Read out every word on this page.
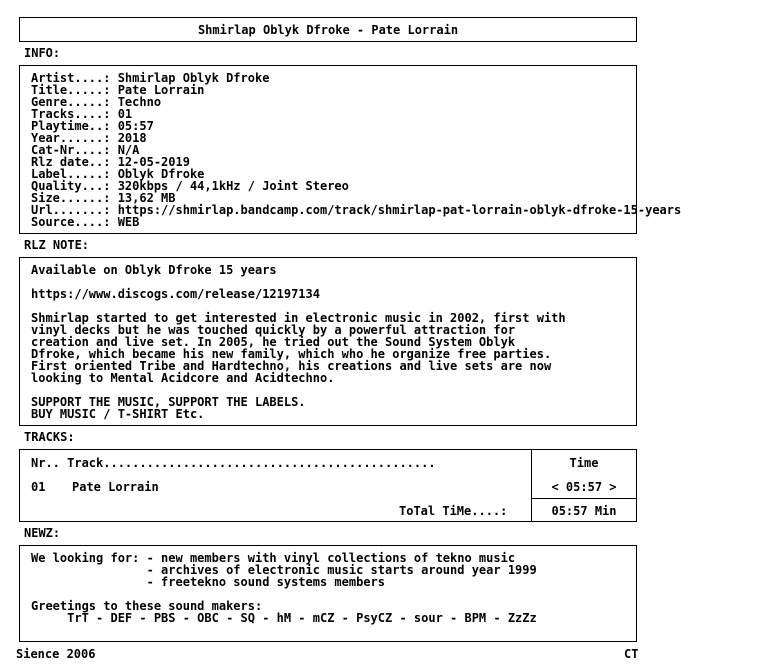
Shmirlap Oblyk Dfroke - Pate Lorrain
INFO:
Artist....: Shmirlap Oblyk Dfroke
Title.....: Pate Lorrain
Genre.....: Techno
Tracks....: 01
Playtime..: 05:57
Year......: 2018
Cat-Nr....: N/A
Rlz date..: 12-05-2019
Label.....: Oblyk Dfroke
Quality...: 320kbps / 44,1kHz / Joint Stereo
Size......: 13,62 MB
Url.......: https://shmirlap.bandcamp.com/track/shmirlap-pat-lorrain-oblyk-dfroke-15-years
Source....: WEB
RLZ NOTE:
Available on Oblyk Dfroke 15 years
https://www.discogs.com/release/12197134
Shmirlap started to get interested in electronic music in 2002, first with
vinyl decks but he was touched quickly by a powerful attraction for
creation and live set. In 2005, he tried out the Sound System Oblyk
Dfroke, which became his new family, which who he organize free parties.
First oriented Tribe and Hardtechno, his creations and live sets are now
looking to Mental Acidcore and Acidtechno.
SUPPORT THE MUSIC, SUPPORT THE LABELS.
BUY MUSIC / T-SHIRT Etc.
TRACKS:
Nr.. Track..............................................	Time
01 Pate Lorrain	< 05:57 >
ToTal TiMe....:	05:57 Min
NEWZ:
We looking for: - new members with vinyl collections of tekno music
- archives of electronic music starts around year 1999
- freetekno sound systems members
Greetings to these sound makers:
TrT - DEF - PBS - OBC - SQ - hM - mCZ - PsyCZ - sour - BPM - ZzZz
Sience 2006	CT
